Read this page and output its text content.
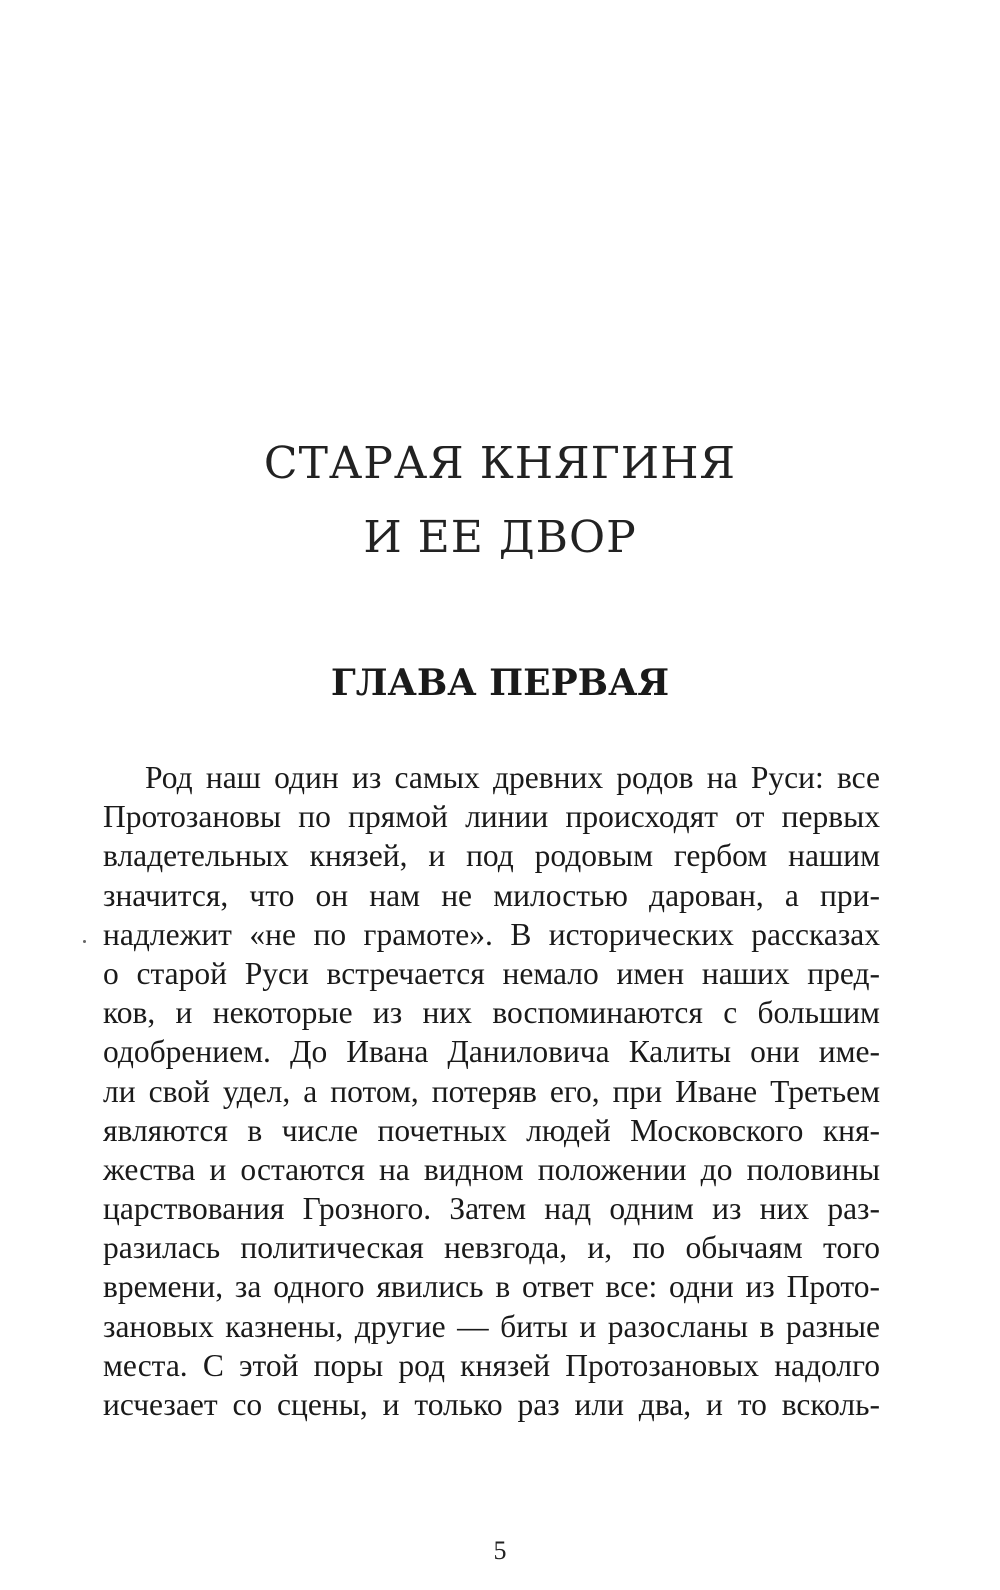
СТАРАЯ КНЯГИНЯ
И ЕЕ ДВОР
ГЛАВА ПЕРВАЯ
Род наш один из самых древних родов на Руси: все
Протозановы по прямой линии происходят от первых
владетельных князей, и под родовым гербом нашим
значится, что он нам не милостью дарован, а при-
надлежит «не по грамоте». В исторических рассказах
о старой Руси встречается немало имен наших пред-
ков, и некоторые из них воспоминаются с большим
одобрением. До Ивана Даниловича Калиты они име-
ли свой удел, а потом, потеряв его, при Иване Третьем
являются в числе почетных людей Московского кня-
жества и остаются на видном положении до половины
царствования Грозного. Затем над одним из них раз-
разилась политическая невзгода, и, по обычаям того
времени, за одного явились в ответ все: одни из Прото-
зановых казнены, другие — биты и разосланы в разные
места. С этой поры род князей Протозановых надолго
исчезает со сцены, и только раз или два, и то всколь-
5
